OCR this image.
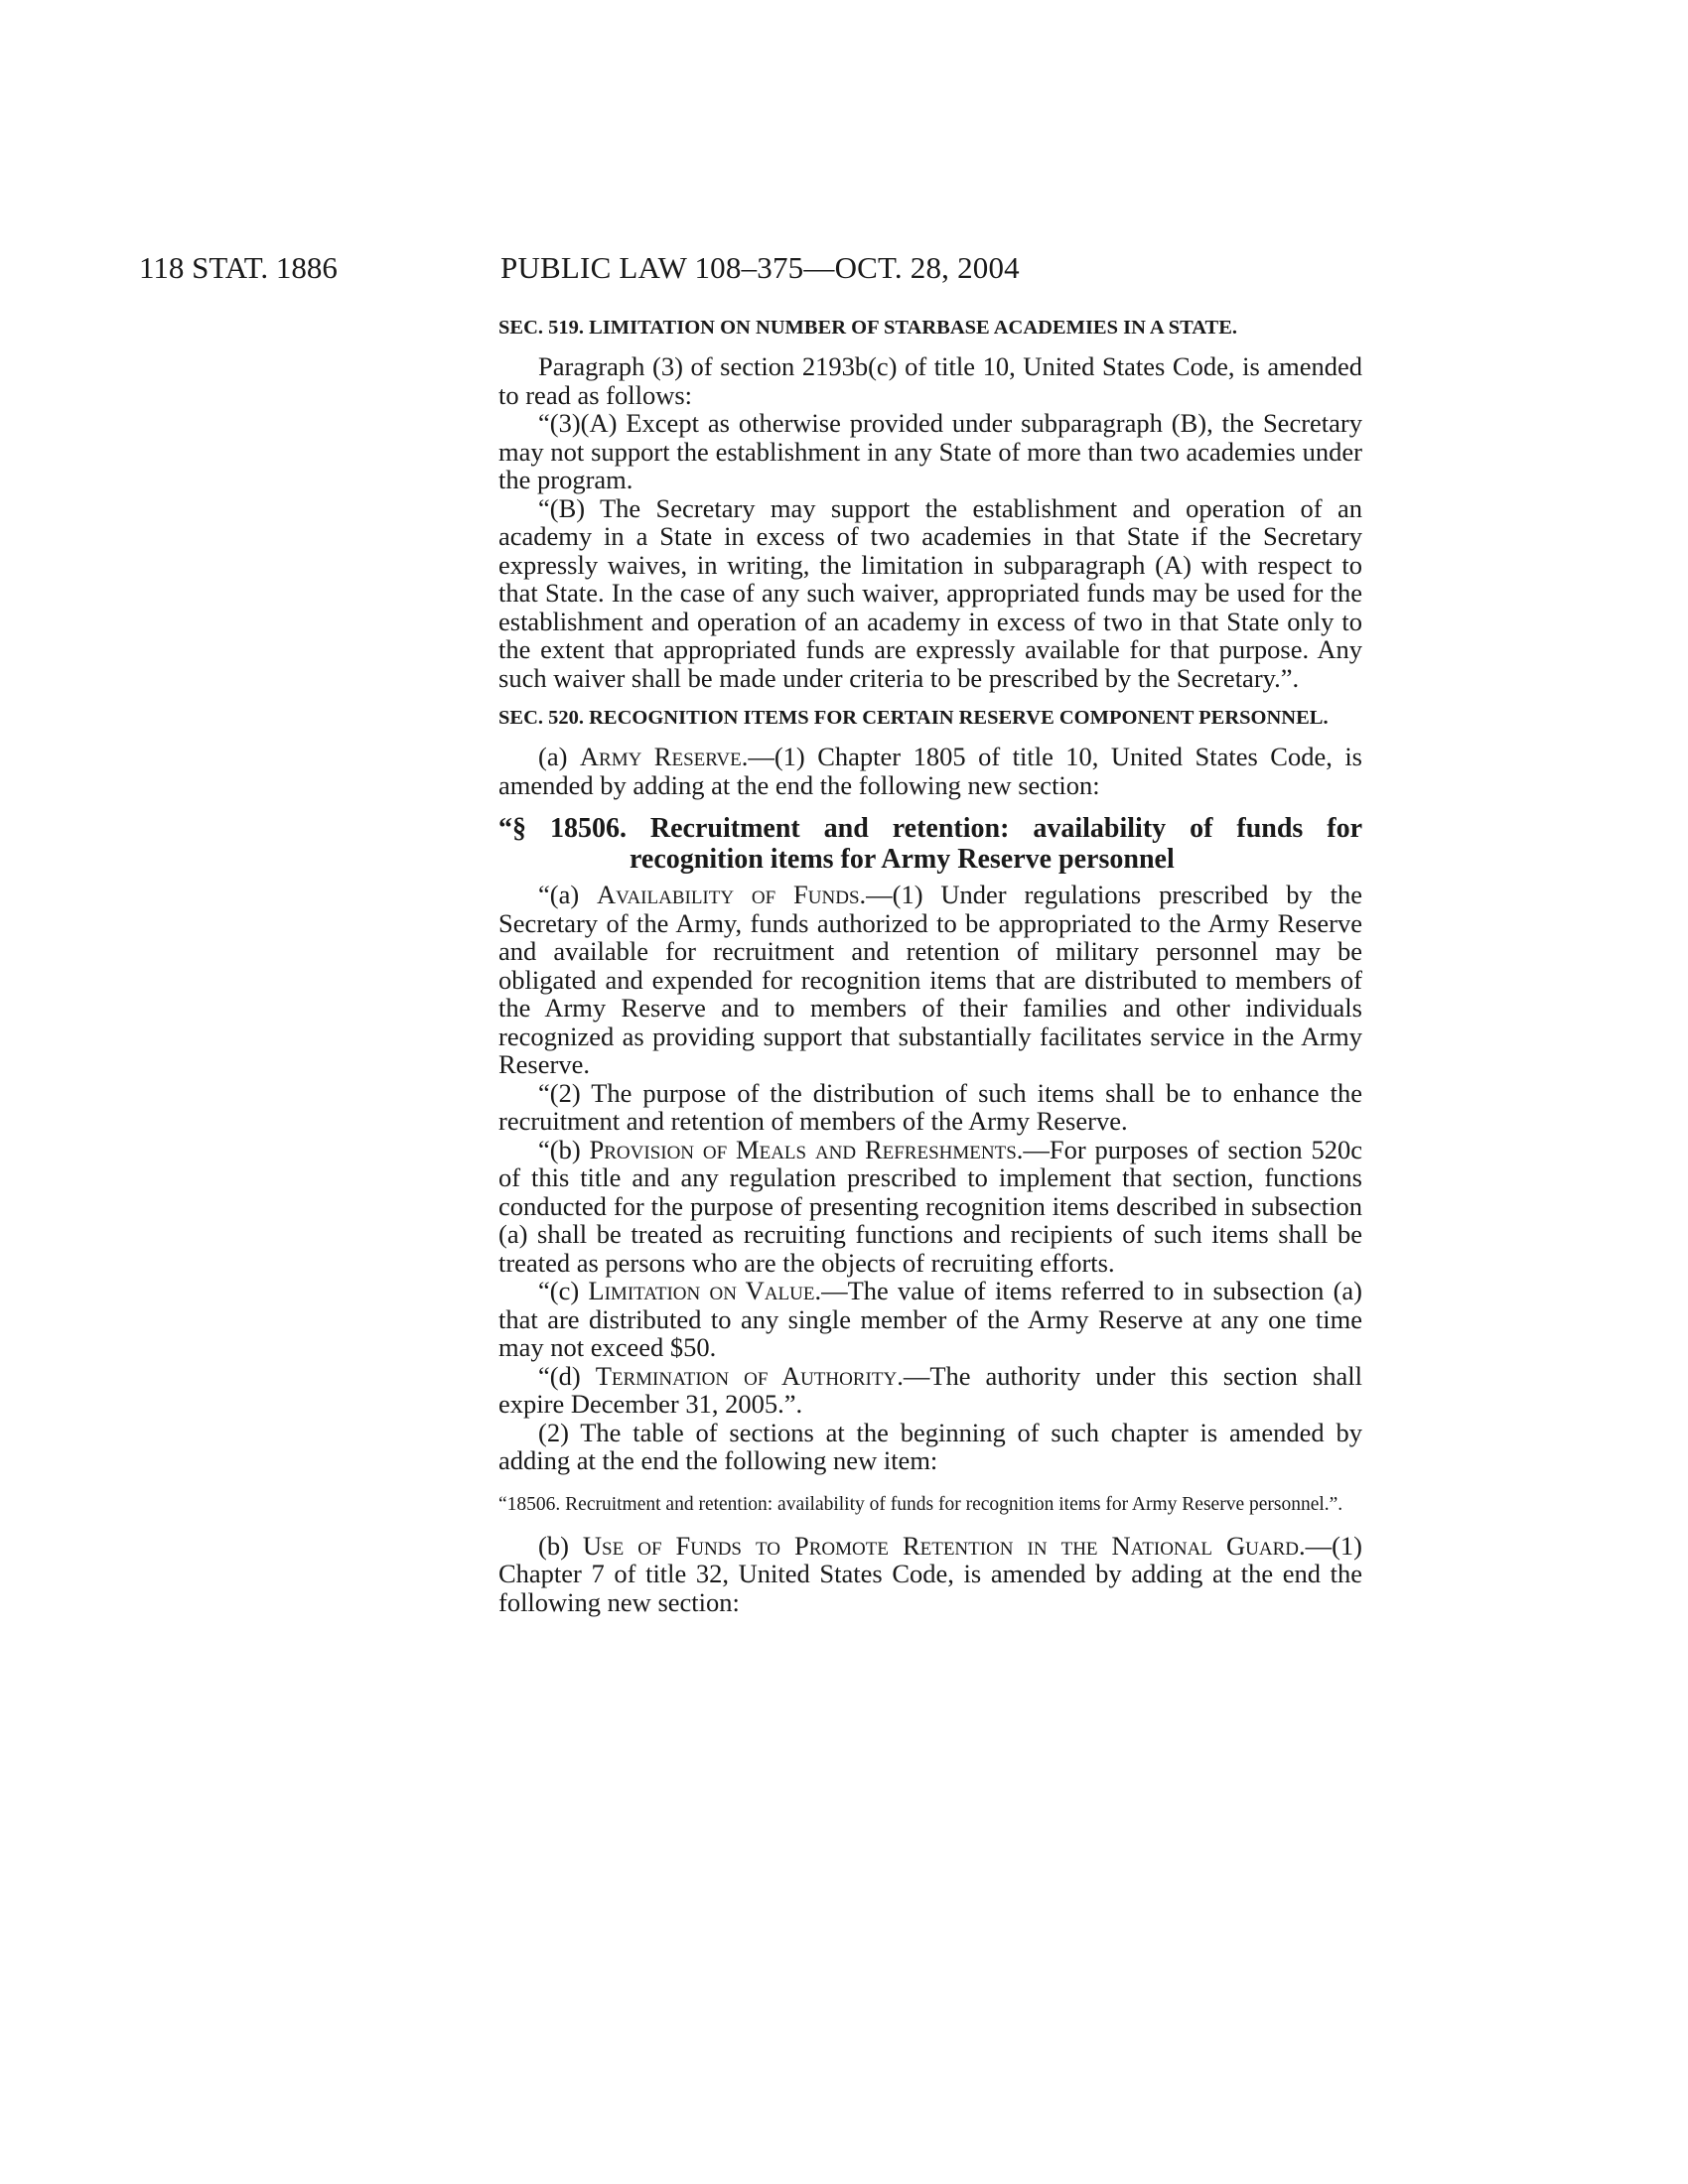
118 STAT. 1886	PUBLIC LAW 108–375—OCT. 28, 2004
SEC. 519. LIMITATION ON NUMBER OF STARBASE ACADEMIES IN A STATE.

Paragraph (3) of section 2193b(c) of title 10, United States Code, is amended to read as follows:

“(3)(A) Except as otherwise provided under subparagraph (B), the Secretary may not support the establishment in any State of more than two academies under the program.

“(B) The Secretary may support the establishment and operation of an academy in a State in excess of two academies in that State if the Secretary expressly waives, in writing, the limitation in subparagraph (A) with respect to that State. In the case of any such waiver, appropriated funds may be used for the establishment and operation of an academy in excess of two in that State only to the extent that appropriated funds are expressly available for that purpose. Any such waiver shall be made under criteria to be prescribed by the Secretary.”.

SEC. 520. RECOGNITION ITEMS FOR CERTAIN RESERVE COMPONENT PERSONNEL.

(a) Army Reserve.—(1) Chapter 1805 of title 10, United States Code, is amended by adding at the end the following new section:

“§ 18506. Recruitment and retention: availability of funds for recognition items for Army Reserve personnel

“(a) Availability of Funds.—(1) Under regulations prescribed by the Secretary of the Army, funds authorized to be appropriated to the Army Reserve and available for recruitment and retention of military personnel may be obligated and expended for recognition items that are distributed to members of the Army Reserve and to members of their families and other individuals recognized as providing support that substantially facilitates service in the Army Reserve.

“(2) The purpose of the distribution of such items shall be to enhance the recruitment and retention of members of the Army Reserve.

“(b) Provision of Meals and Refreshments.—For purposes of section 520c of this title and any regulation prescribed to implement that section, functions conducted for the purpose of presenting recognition items described in subsection (a) shall be treated as recruiting functions and recipients of such items shall be treated as persons who are the objects of recruiting efforts.

“(c) Limitation on Value.—The value of items referred to in subsection (a) that are distributed to any single member of the Army Reserve at any one time may not exceed $50.

“(d) Termination of Authority.—The authority under this section shall expire December 31, 2005.”.

(2) The table of sections at the beginning of such chapter is amended by adding at the end the following new item:

“18506. Recruitment and retention: availability of funds for recognition items for Army Reserve personnel.”.

(b) Use of Funds to Promote Retention in the National Guard.—(1) Chapter 7 of title 32, United States Code, is amended by adding at the end the following new section:
